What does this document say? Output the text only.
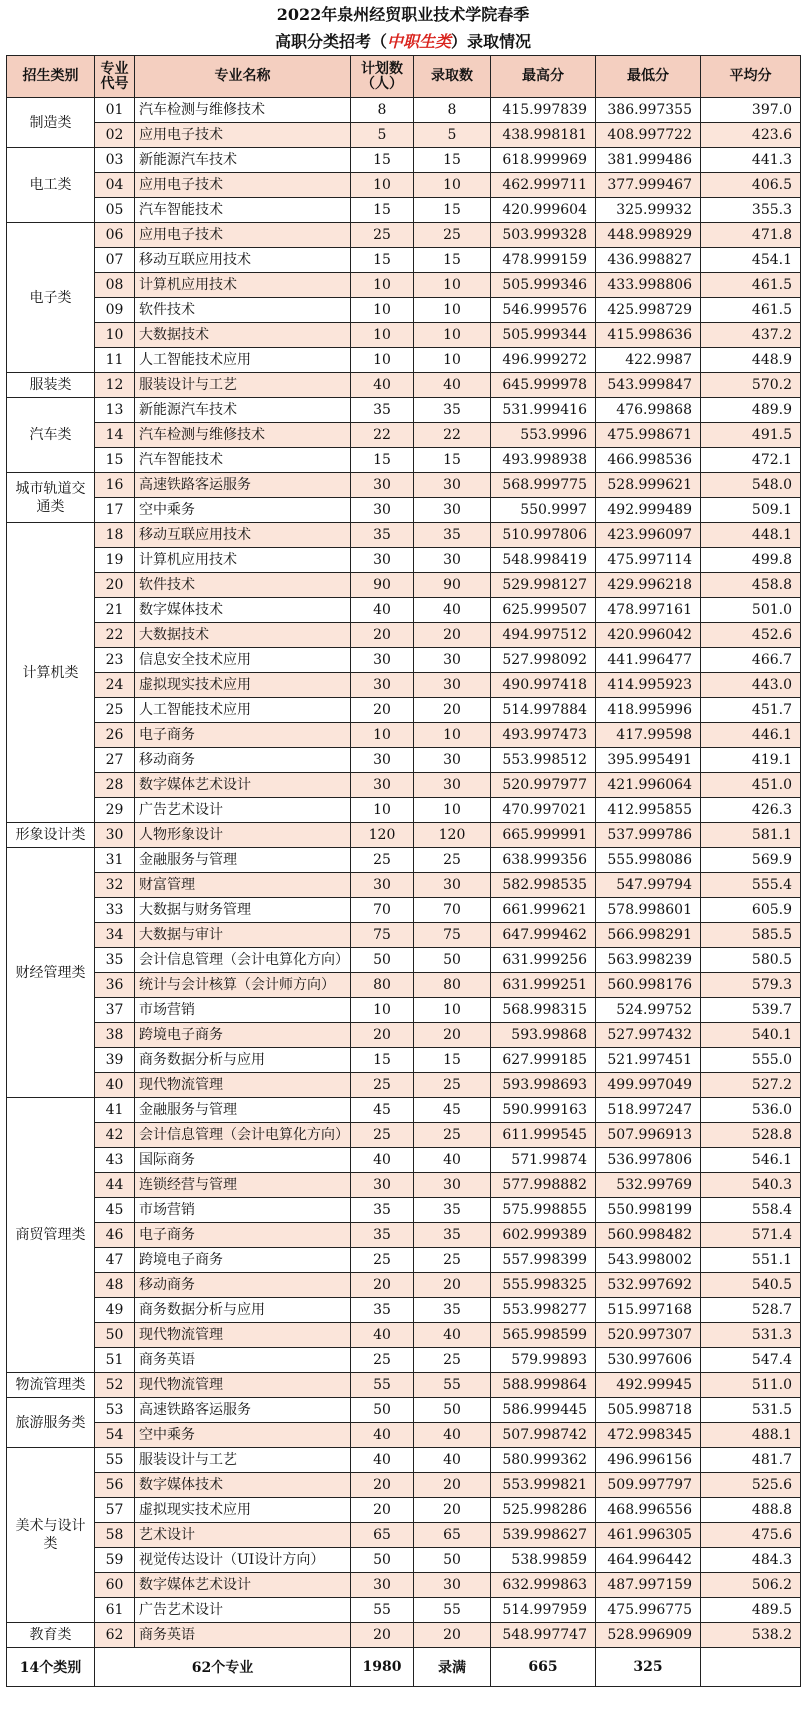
2022年泉州经贸职业技术学院春季
高职分类招考（中职生类）录取情况
招生类别	专业代号	专业名称	计划数（人）	录取数	最高分	最低分	平均分
制造类	01	汽车检测与维修技术	8	8	415.997839	386.997355	397.0
	02	应用电子技术	5	5	438.998181	408.997722	423.6
电工类	03	新能源汽车技术	15	15	618.999969	381.999486	441.3
	04	应用电子技术	10	10	462.999711	377.999467	406.5
	05	汽车智能技术	15	15	420.999604	325.99932	355.3
电子类	06	应用电子技术	25	25	503.999328	448.998929	471.8
	07	移动互联应用技术	15	15	478.999159	436.998827	454.1
	08	计算机应用技术	10	10	505.999346	433.998806	461.5
	09	软件技术	10	10	546.999576	425.998729	461.5
	10	大数据技术	10	10	505.999344	415.998636	437.2
	11	人工智能技术应用	10	10	496.999272	422.9987	448.9
服装类	12	服装设计与工艺	40	40	645.999978	543.999847	570.2
汽车类	13	新能源汽车技术	35	35	531.999416	476.99868	489.9
	14	汽车检测与维修技术	22	22	553.9996	475.998671	491.5
	15	汽车智能技术	15	15	493.998938	466.998536	472.1
城市轨道交通类	16	高速铁路客运服务	30	30	568.999775	528.999621	548.0
	17	空中乘务	30	30	550.9997	492.999489	509.1
计算机类	18	移动互联应用技术	35	35	510.997806	423.996097	448.1
	19	计算机应用技术	30	30	548.998419	475.997114	499.8
	20	软件技术	90	90	529.998127	429.996218	458.8
	21	数字媒体技术	40	40	625.999507	478.997161	501.0
	22	大数据技术	20	20	494.997512	420.996042	452.6
	23	信息安全技术应用	30	30	527.998092	441.996477	466.7
	24	虚拟现实技术应用	30	30	490.997418	414.995923	443.0
	25	人工智能技术应用	20	20	514.997884	418.995996	451.7
	26	电子商务	10	10	493.997473	417.99598	446.1
	27	移动商务	30	30	553.998512	395.995491	419.1
	28	数字媒体艺术设计	30	30	520.997977	421.996064	451.0
	29	广告艺术设计	10	10	470.997021	412.995855	426.3
形象设计类	30	人物形象设计	120	120	665.999991	537.999786	581.1
财经管理类	31	金融服务与管理	25	25	638.999356	555.998086	569.9
	32	财富管理	30	30	582.998535	547.99794	555.4
	33	大数据与财务管理	70	70	661.999621	578.998601	605.9
	34	大数据与审计	75	75	647.999462	566.998291	585.5
	35	会计信息管理（会计电算化方向）	50	50	631.999256	563.998239	580.5
	36	统计与会计核算（会计师方向）	80	80	631.999251	560.998176	579.3
	37	市场营销	10	10	568.998315	524.99752	539.7
	38	跨境电子商务	20	20	593.99868	527.997432	540.1
	39	商务数据分析与应用	15	15	627.999185	521.997451	555.0
	40	现代物流管理	25	25	593.998693	499.997049	527.2
商贸管理类	41	金融服务与管理	45	45	590.999163	518.997247	536.0
	42	会计信息管理（会计电算化方向）	25	25	611.999545	507.996913	528.8
	43	国际商务	40	40	571.99874	536.997806	546.1
	44	连锁经营与管理	30	30	577.998882	532.99769	540.3
	45	市场营销	35	35	575.998855	550.998199	558.4
	46	电子商务	35	35	602.999389	560.998482	571.4
	47	跨境电子商务	25	25	557.998399	543.998002	551.1
	48	移动商务	20	20	555.998325	532.997692	540.5
	49	商务数据分析与应用	35	35	553.998277	515.997168	528.7
	50	现代物流管理	40	40	565.998599	520.997307	531.3
	51	商务英语	25	25	579.99893	530.997606	547.4
物流管理类	52	现代物流管理	55	55	588.999864	492.99945	511.0
旅游服务类	53	高速铁路客运服务	50	50	586.999445	505.998718	531.5
	54	空中乘务	40	40	507.998742	472.998345	488.1
美术与设计类	55	服装设计与工艺	40	40	580.999362	496.996156	481.7
	56	数字媒体技术	20	20	553.999821	509.997797	525.6
	57	虚拟现实技术应用	20	20	525.998286	468.996556	488.8
	58	艺术设计	65	65	539.998627	461.996305	475.6
	59	视觉传达设计（UI设计方向）	50	50	538.99859	464.996442	484.3
	60	数字媒体艺术设计	30	30	632.999863	487.997159	506.2
	61	广告艺术设计	55	55	514.997959	475.996775	489.5
教育类	62	商务英语	20	20	548.997747	528.996909	538.2
14个类别	62个专业		1980	录满	665	325	
